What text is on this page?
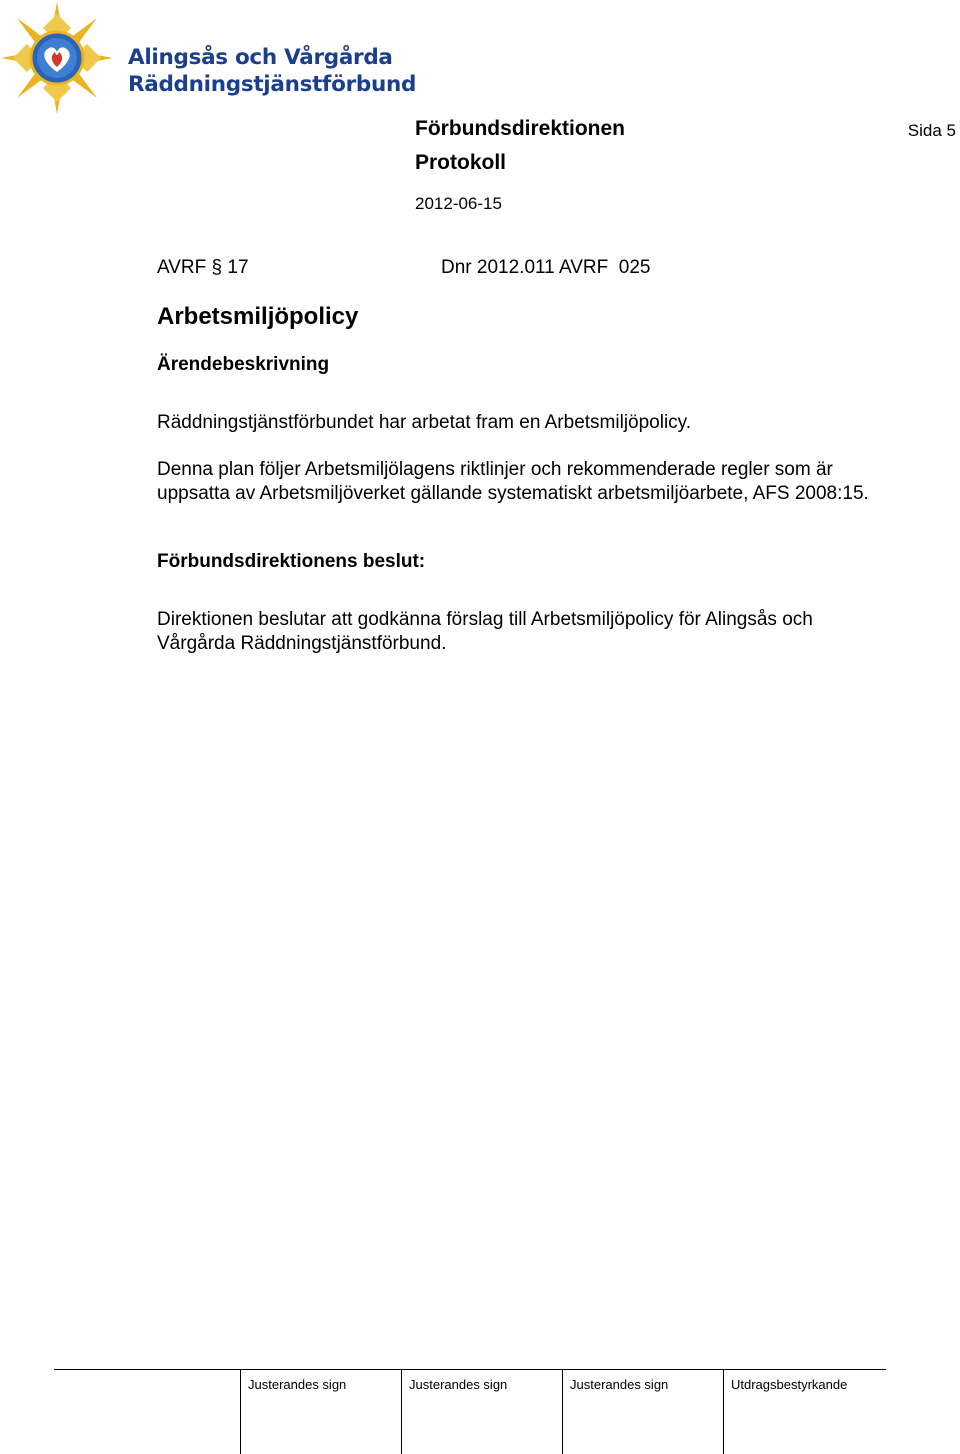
Alingsås och Vårgårda
Räddningstjänstförbund
Förbundsdirektionen	Sida 5
Protokoll
2012-06-15
AVRF § 17	Dnr 2012.011 AVRF  025
Arbetsmiljöpolicy
Ärendebeskrivning
Räddningstjänstförbundet har arbetat fram en Arbetsmiljöpolicy.
Denna plan följer Arbetsmiljölagens riktlinjer och rekommenderade regler som är uppsatta av Arbetsmiljöverket gällande systematiskt arbetsmiljöarbete, AFS 2008:15.
Förbundsdirektionens beslut:
Direktionen beslutar att godkänna förslag till Arbetsmiljöpolicy för Alingsås och Vårgårda Räddningstjänstförbund.
Justerandes sign	Justerandes sign	Justerandes sign	Utdragsbestyrkande
